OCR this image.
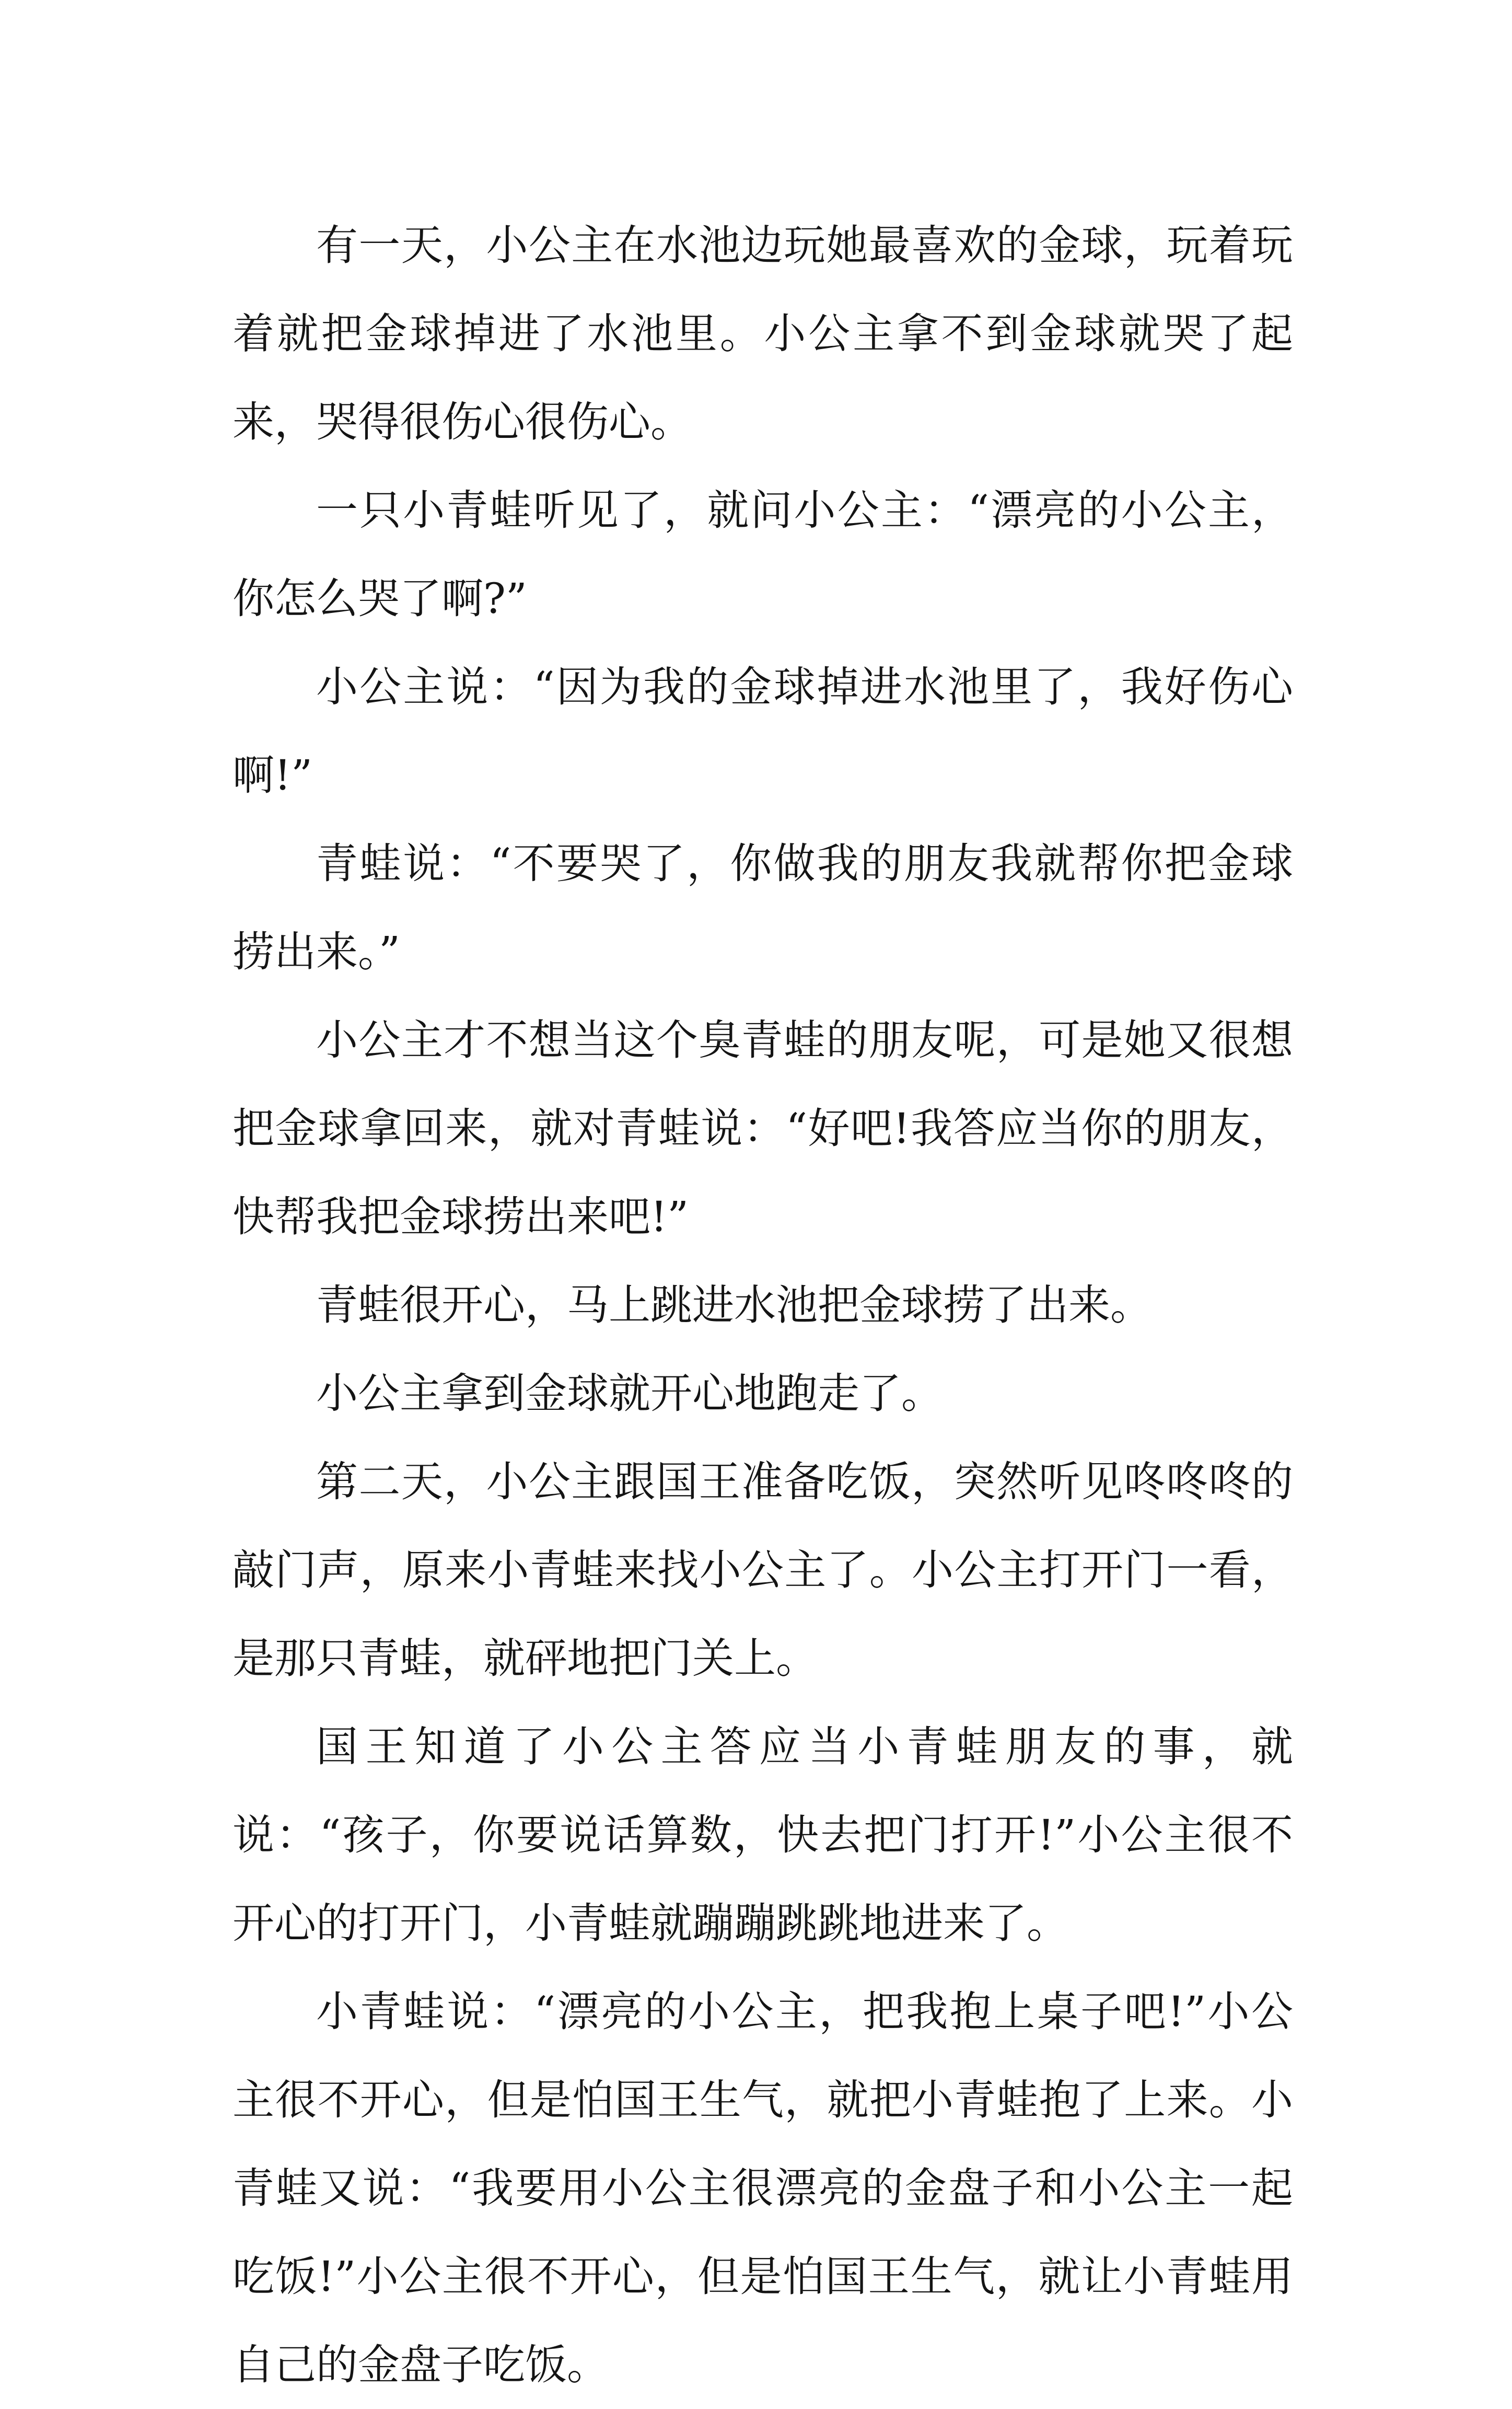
有一天，小公主在水池边玩她最喜欢的金球，玩着玩着就把金球掉进了水池里。小公主拿不到金球就哭了起来，哭得很伤心很伤心。

一只小青蛙听见了，就问小公主：“漂亮的小公主，你怎么哭了啊?”

小公主说：“因为我的金球掉进水池里了，我好伤心啊!”

青蛙说：“不要哭了，你做我的朋友我就帮你把金球捞出来。”

小公主才不想当这个臭青蛙的朋友呢，可是她又很想把金球拿回来，就对青蛙说：“好吧!我答应当你的朋友，快帮我把金球捞出来吧!”

青蛙很开心，马上跳进水池把金球捞了出来。

小公主拿到金球就开心地跑走了。

第二天，小公主跟国王准备吃饭，突然听见咚咚咚的敲门声，原来小青蛙来找小公主了。小公主打开门一看，是那只青蛙，就砰地把门关上。

国王知道了小公主答应当小青蛙朋友的事，就说：“孩子，你要说话算数，快去把门打开!”小公主很不开心的打开门，小青蛙就蹦蹦跳跳地进来了。

小青蛙说：“漂亮的小公主，把我抱上桌子吧!”小公主很不开心，但是怕国王生气，就把小青蛙抱了上来。小青蛙又说：“我要用小公主很漂亮的金盘子和小公主一起吃饭!”小公主很不开心，但是怕国王生气，就让小青蛙用自己的金盘子吃饭。
